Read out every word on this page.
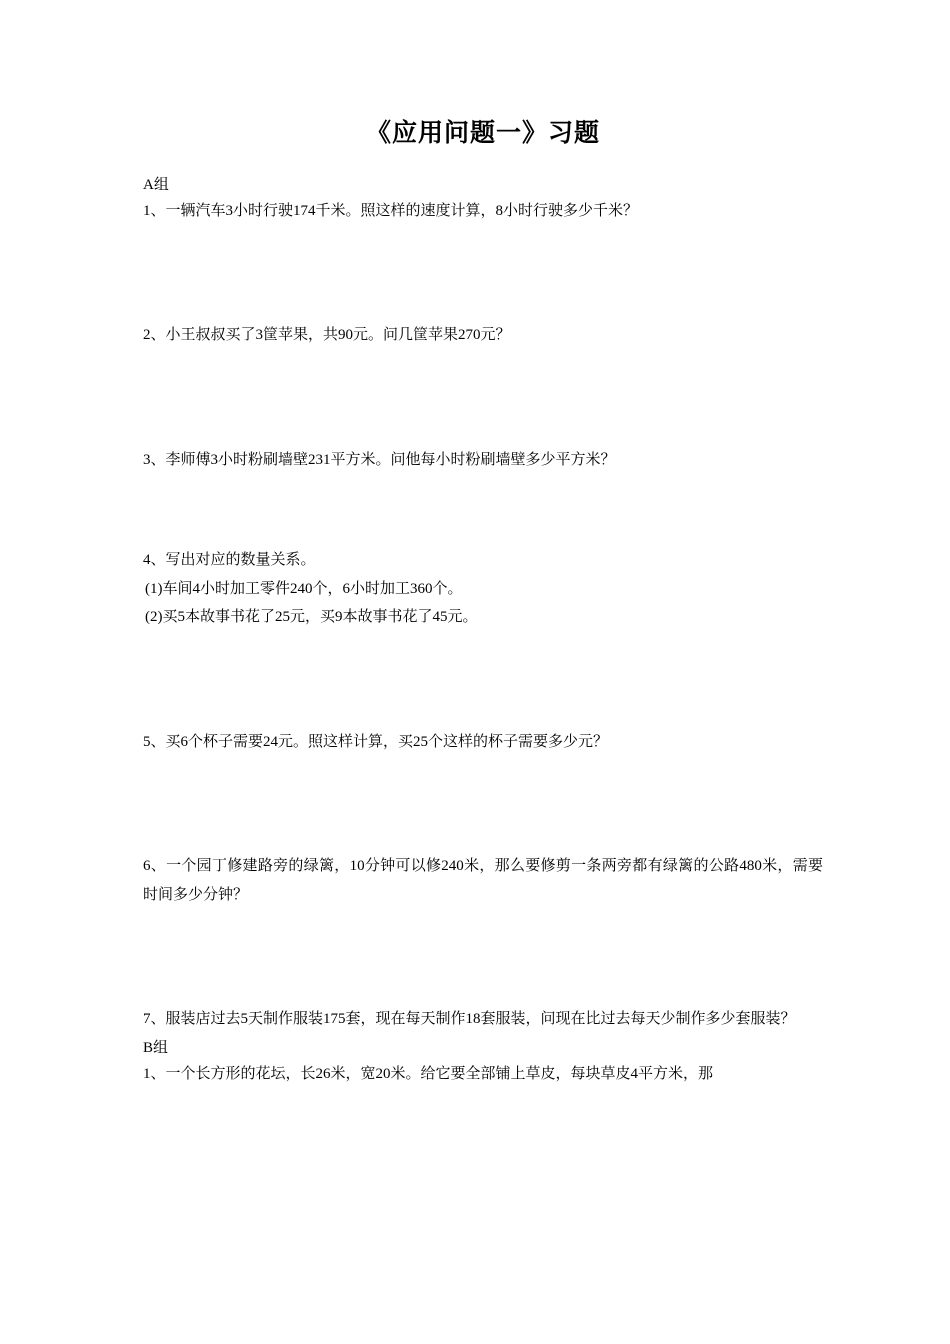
《应用问题一》习题
A组
1、一辆汽车3小时行驶174千米。照这样的速度计算，8小时行驶多少千米？
2、小王叔叔买了3筐苹果，共90元。问几筐苹果270元？
3、李师傅3小时粉刷墙壁231平方米。问他每小时粉刷墙壁多少平方米？
4、写出对应的数量关系。
(1)车间4小时加工零件240个，6小时加工360个。
(2)买5本故事书花了25元，买9本故事书花了45元。
5、买6个杯子需要24元。照这样计算，买25个这样的杯子需要多少元？
6、一个园丁修建路旁的绿篱，10分钟可以修240米，那么要修剪一条两旁都有绿篱的公路480米，需要时间多少分钟？
7、服装店过去5天制作服装175套，现在每天制作18套服装，问现在比过去每天少制作多少套服装？
B组
1、一个长方形的花坛，长26米，宽20米。给它要全部铺上草皮，每块草皮4平方米，那
